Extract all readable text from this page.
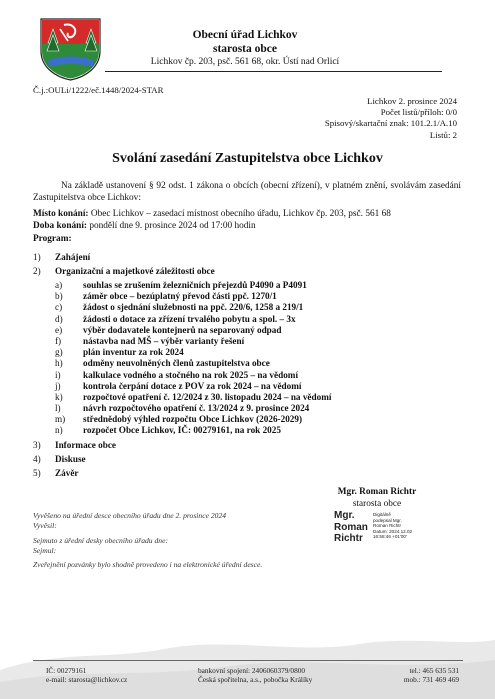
Obecní úřad Lichkov
starosta obce
Lichkov čp. 203, psč. 561 68, okr. Ústí nad Orlicí
Č.j.:OULi/1222/eč.1448/2024-STAR
Lichkov 2. prosince 2024
Počet listů/příloh: 0/0
Spisový/skartační znak: 101.2.1/A.10
Listů: 2
Svolání zasedání Zastupitelstva obce Lichkov
Na základě ustanovení § 92 odst. 1 zákona o obcích (obecní zřízení), v platném znění, svolávám zasedání Zastupitelstva obce Lichkov:
Místo konání: Obec Lichkov – zasedací místnost obecního úřadu, Lichkov čp. 203, psč. 561 68
Doba konání: pondělí dne 9. prosince 2024 od 17:00 hodin
Program:
1)	Zahájení
2)	Organizační a majetkové záležitosti obce
a)	souhlas se zrušením železničních přejezdů P4090 a P4091
b)	záměr obce – bezúplatný převod části ppč. 1270/1
c)	žádost o sjednání služebnosti na ppč. 220/6, 1258 a 219/1
d)	žádosti o dotace za zřízení trvalého pobytu a spol. – 3x
e)	výběr dodavatele kontejnerů na separovaný odpad
f)	nástavba nad MŠ – výběr varianty řešení
g)	plán inventur za rok 2024
h)	odměny neuvolněných členů zastupitelstva obce
i)	kalkulace vodného a stočného na rok 2025 – na vědomí
j)	kontrola čerpání dotace z POV za rok 2024 – na vědomí
k)	rozpočtové opatření č. 12/2024 z 30. listopadu 2024 – na vědomí
l)	návrh rozpočtového opatření č. 13/2024 z 9. prosince 2024
m)	střednědobý výhled rozpočtu Obce Lichkov (2026-2029)
n)	rozpočet Obce Lichkov, IČ: 00279161, na rok 2025
3)	Informace obce
4)	Diskuse
5)	Závěr
Mgr. Roman Richtr
starosta obce
Mgr.
Roman
Richtr
Digitálně
podepsal Mgr.
Roman Richtr
Datum: 2024.12.02
16:58:46 +01'00'
Vyvěšeno na úřední desce obecního úřadu dne 2. prosince 2024
Vyvěsil:
Sejmuto z úřední desky obecního úřadu dne:
Sejmul:
Zveřejnění pozvánky bylo shodně provedeno i na elektronické úřední desce.
IČ: 00279161
e-mail: starosta@lichkov.cz
bankovní spojení: 2406060379/0800
Česká spořitelna, a.s., pobočka Králíky
tel.: 465 635 531
mob.: 731 469 469
